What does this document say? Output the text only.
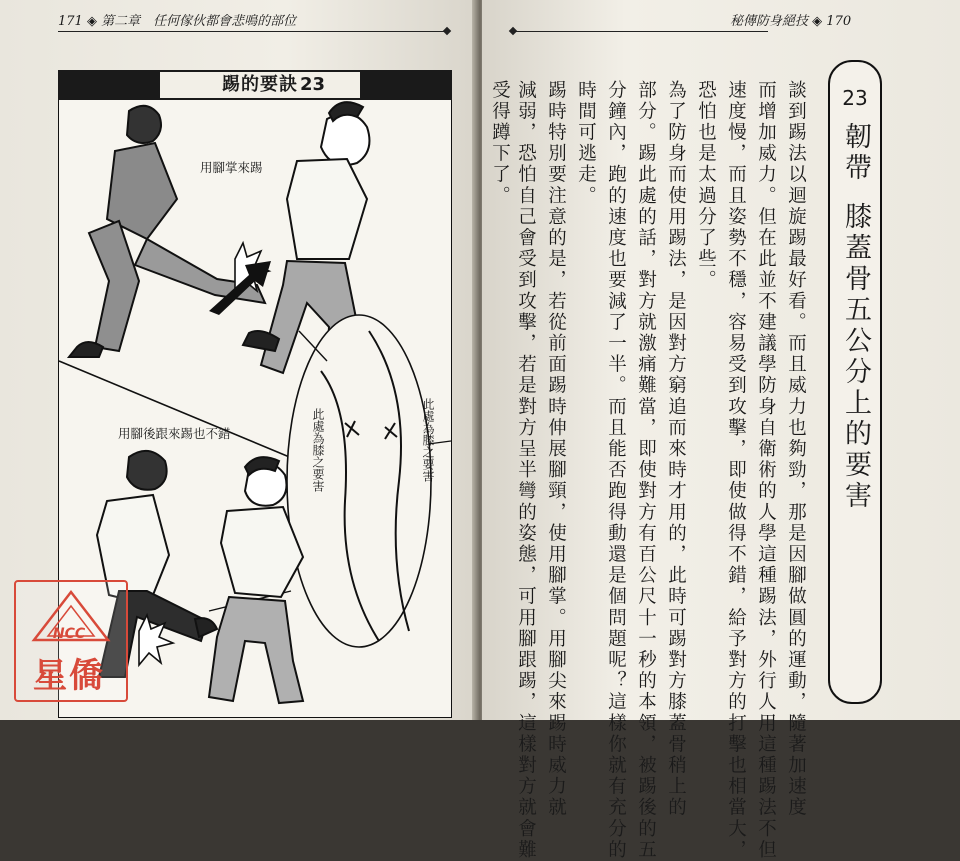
171 ◈ 第二章　任何傢伙都會悲鳴的部位
踢的要訣 23
用腳掌來踢
用腳後跟來踢也不錯	此處為膝之要害	此處為膝之要害
秘傳防身絕技 ◈ 170
23
韌帶膝蓋骨五公分上的要害
談到踢法以迴旋踢最好看。而且威力也夠勁，那是因腳做圓的運動，隨著加速度
而增加威力。但在此並不建議學防身自衛術的人學這種踢法，外行人用這種踢法不但
速度慢，而且姿勢不穩，容易受到攻擊，即使做得不錯，給予對方的打擊也相當大，
恐怕也是太過分了些。
為了防身而使用踢法，是因對方窮追而來時才用的，此時可踢對方膝蓋骨稍上的
部分。踢此處的話，對方就激痛難當，即使對方有百公尺十一秒的本領，被踢後的五
分鐘內，跑的速度也要減了一半。而且能否跑得動還是個問題呢？這樣你就有充分的
時間可逃走。
踢時特別要注意的是，若從前面踢時伸展腳頸，使用腳掌。用腳尖來踢時威力就
減弱，恐怕自己會受到攻擊，若是對方呈半彎的姿態，可用腳跟踢，這樣對方就會難
受得蹲下了。
NCC
星僑
